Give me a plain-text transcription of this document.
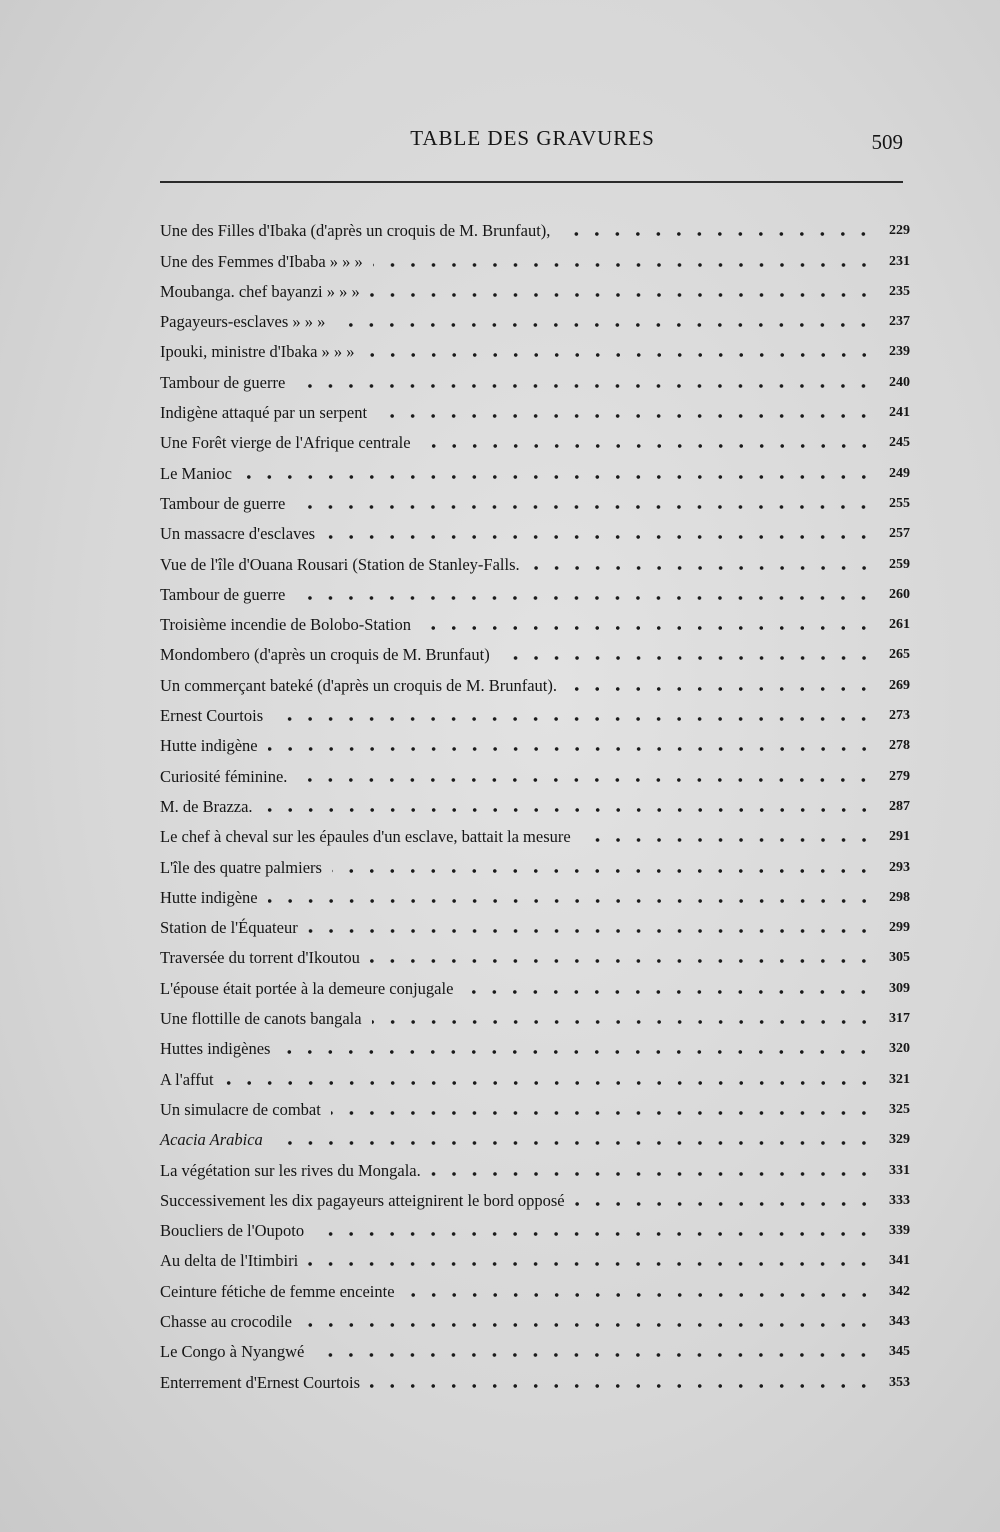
TABLE DES GRAVURES	509
Une des Filles d'Ibaka (d'après un croquis de M. Brunfaut),	229
Une des Femmes d'Ibaba » » »	231
Moubanga. chef bayanzi » » »	235
Pagayeurs-esclaves » » »	237
Ipouki, ministre d'Ibaka » » »	239
Tambour de guerre	240
Indigène attaqué par un serpent	241
Une Forêt vierge de l'Afrique centrale	245
Le Manioc	249
Tambour de guerre	255
Un massacre d'esclaves	257
Vue de l'île d'Ouana Rousari (Station de Stanley-Falls.	259
Tambour de guerre	260
Troisième incendie de Bolobo-Station	261
Mondombero (d'après un croquis de M. Brunfaut)	265
Un commerçant bateké (d'après un croquis de M. Brunfaut).	269
Ernest Courtois	273
Hutte indigène	278
Curiosité féminine.	279
M. de Brazza.	287
Le chef à cheval sur les épaules d'un esclave, battait la mesure	291
L'île des quatre palmiers	293
Hutte indigène	298
Station de l'Équateur	299
Traversée du torrent d'Ikoutou	305
L'épouse était portée à la demeure conjugale	309
Une flottille de canots bangala	317
Huttes indigènes	320
A l'affut	321
Un simulacre de combat	325
Acacia Arabica	329
La végétation sur les rives du Mongala.	331
Successivement les dix pagayeurs atteignirent le bord opposé	333
Boucliers de l'Oupoto	339
Au delta de l'Itimbiri	341
Ceinture fétiche de femme enceinte	342
Chasse au crocodile	343
Le Congo à Nyangwé	345
Enterrement d'Ernest Courtois	353
